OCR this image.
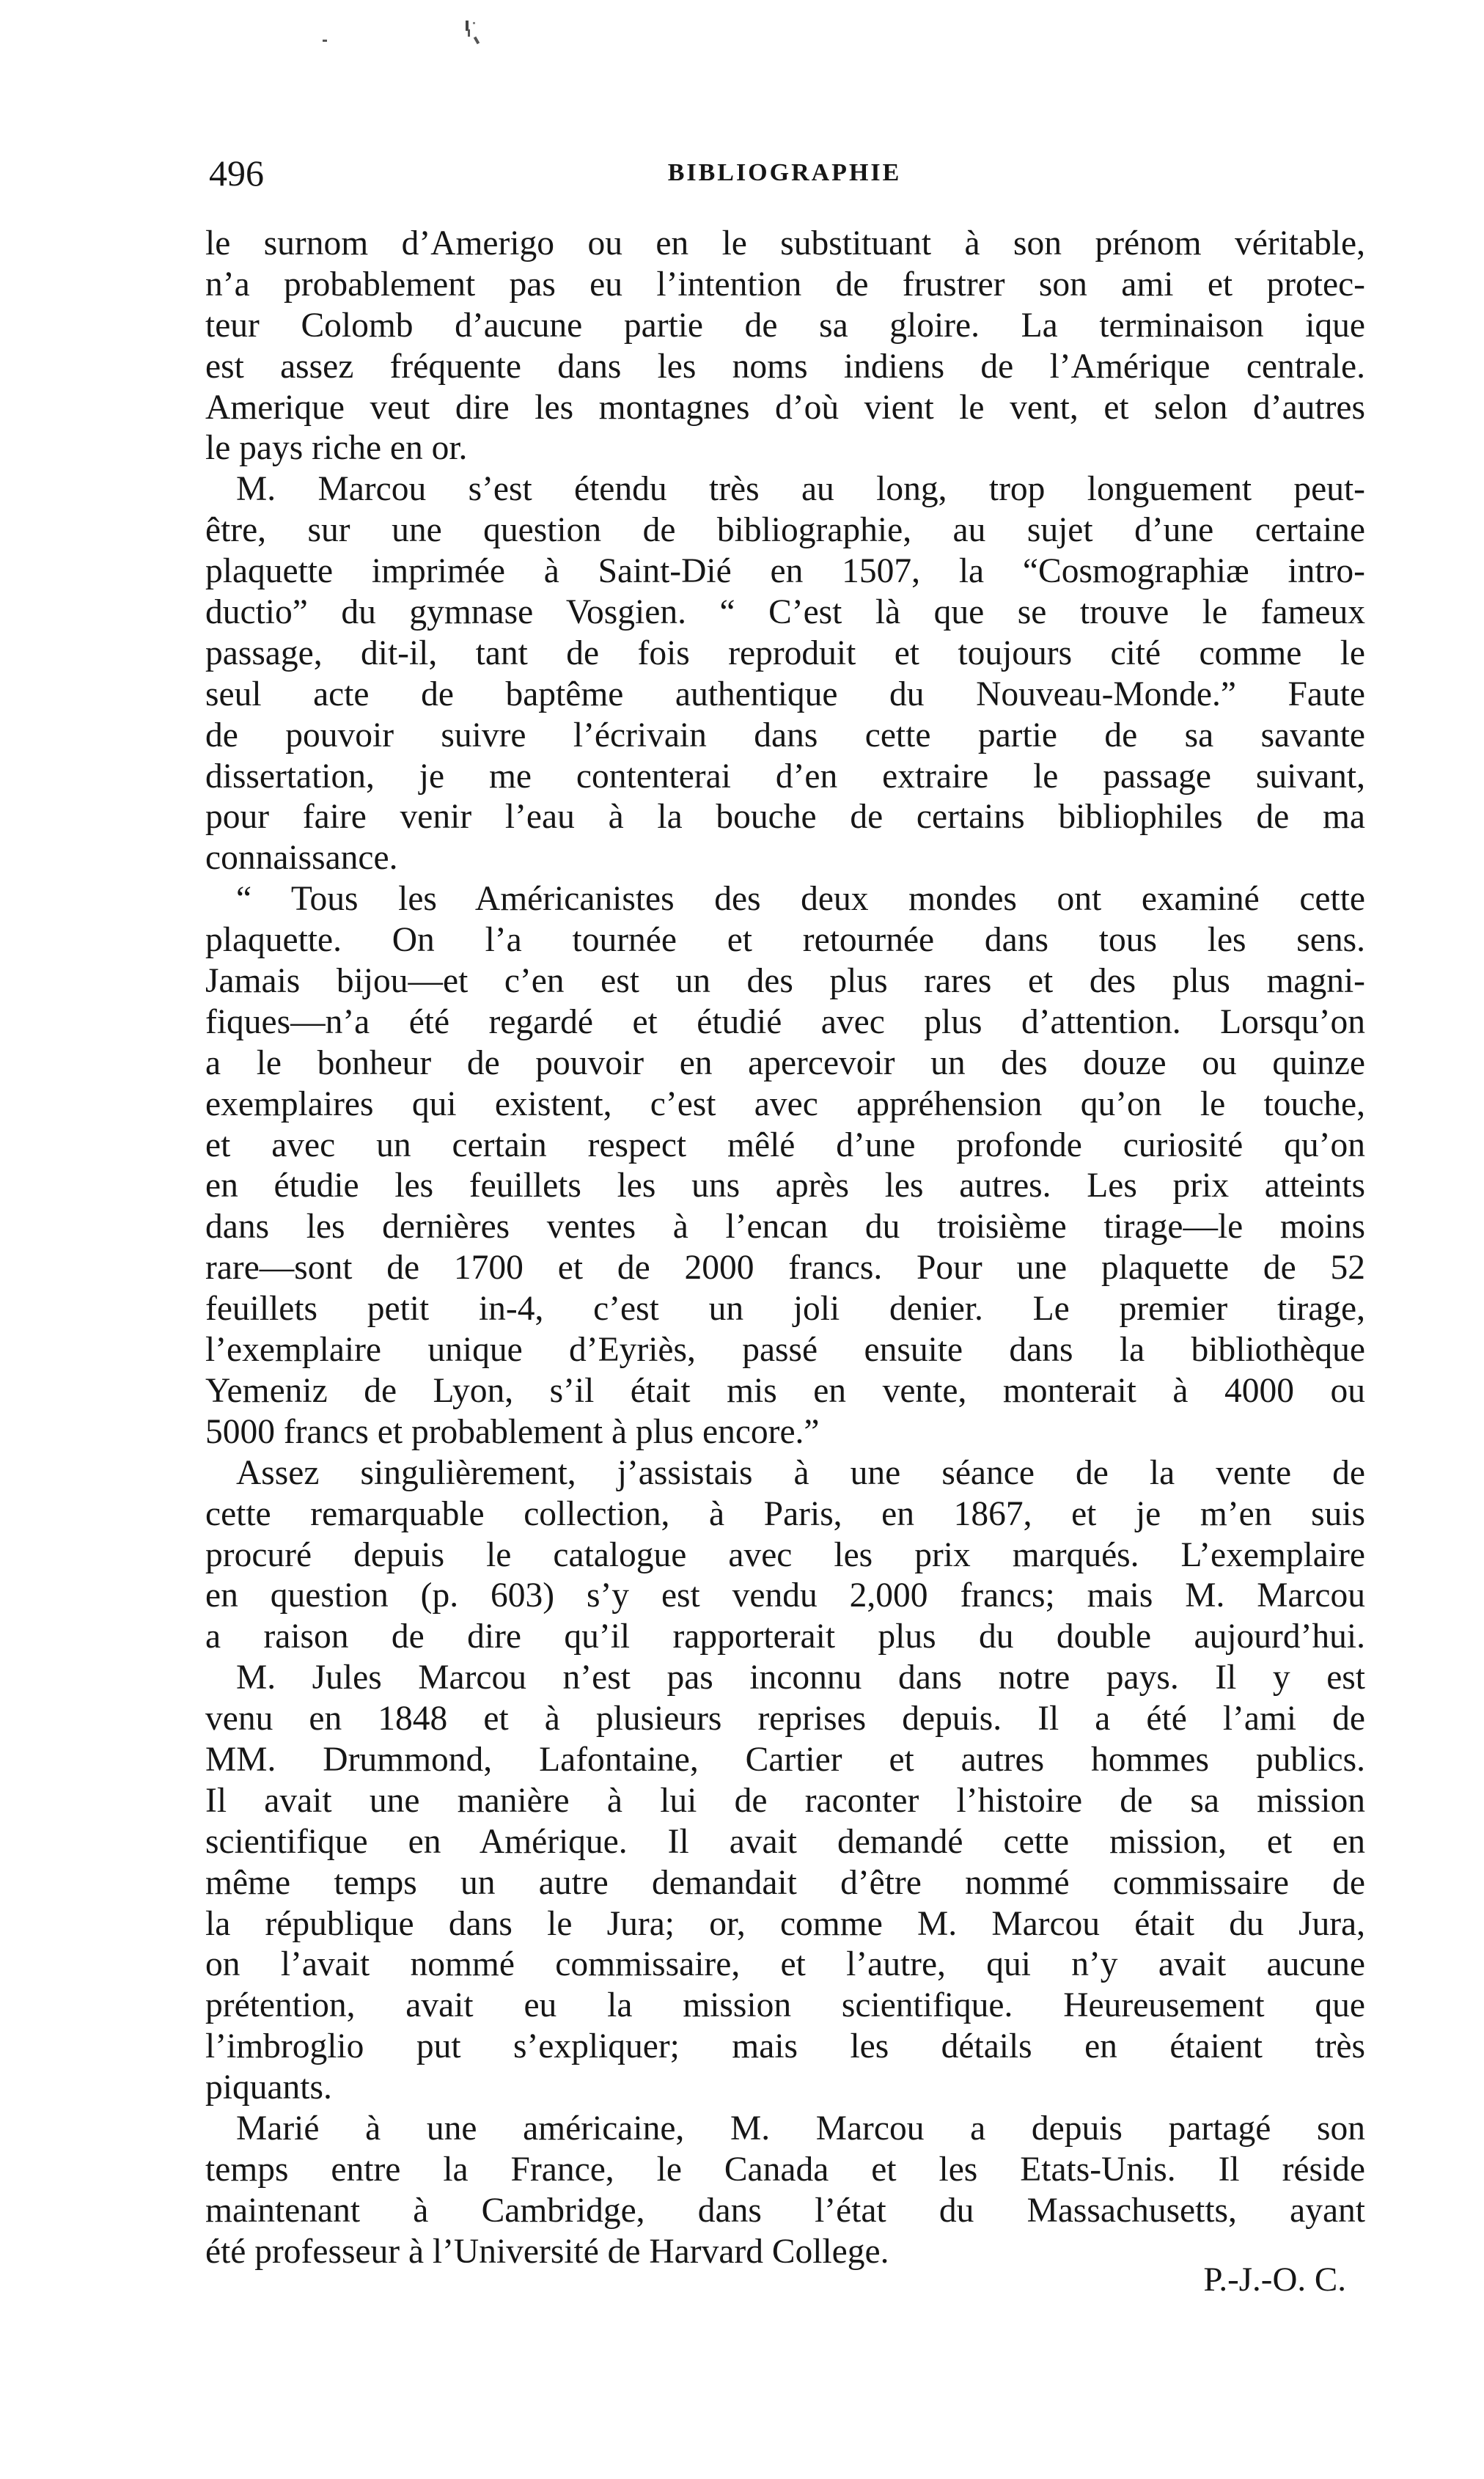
496	BIBLIOGRAPHIE
le surnom d’Amerigo ou en le substituant à son prénom véritable,
n’a probablement pas eu l’intention de frustrer son ami et protec-
teur Colomb d’aucune partie de sa gloire. La terminaison ique
est assez fréquente dans les noms indiens de l’Amérique centrale.
Amerique veut dire les montagnes d’où vient le vent, et selon d’autres
le pays riche en or.
M. Marcou s’est étendu très au long, trop longuement peut-
être, sur une question de bibliographie, au sujet d’une certaine
plaquette imprimée à Saint-Dié en 1507, la “Cosmographiæ intro-
ductio” du gymnase Vosgien. “ C’est là que se trouve le fameux
passage, dit-il, tant de fois reproduit et toujours cité comme le
seul acte de baptême authentique du Nouveau-Monde.” Faute
de pouvoir suivre l’écrivain dans cette partie de sa savante
dissertation, je me contenterai d’en extraire le passage suivant,
pour faire venir l’eau à la bouche de certains bibliophiles de ma
connaissance.
“ Tous les Américanistes des deux mondes ont examiné cette
plaquette. On l’a tournée et retournée dans tous les sens.
Jamais bijou—et c’en est un des plus rares et des plus magni-
fiques—n’a été regardé et étudié avec plus d’attention. Lorsqu’on
a le bonheur de pouvoir en apercevoir un des douze ou quinze
exemplaires qui existent, c’est avec appréhension qu’on le touche,
et avec un certain respect mêlé d’une profonde curiosité qu’on
en étudie les feuillets les uns après les autres. Les prix atteints
dans les dernières ventes à l’encan du troisième tirage—le moins
rare—sont de 1700 et de 2000 francs. Pour une plaquette de 52
feuillets petit in-4, c’est un joli denier. Le premier tirage,
l’exemplaire unique d’Eyriès, passé ensuite dans la bibliothèque
Yemeniz de Lyon, s’il était mis en vente, monterait à 4000 ou
5000 francs et probablement à plus encore.”
Assez singulièrement, j’assistais à une séance de la vente de
cette remarquable collection, à Paris, en 1867, et je m’en suis
procuré depuis le catalogue avec les prix marqués. L’exemplaire
en question (p. 603) s’y est vendu 2,000 francs; mais M. Marcou
a raison de dire qu’il rapporterait plus du double aujourd’hui.
M. Jules Marcou n’est pas inconnu dans notre pays. Il y est
venu en 1848 et à plusieurs reprises depuis. Il a été l’ami de
MM. Drummond, Lafontaine, Cartier et autres hommes publics.
Il avait une manière à lui de raconter l’histoire de sa mission
scientifique en Amérique. Il avait demandé cette mission, et en
même temps un autre demandait d’être nommé commissaire de
la république dans le Jura; or, comme M. Marcou était du Jura,
on l’avait nommé commissaire, et l’autre, qui n’y avait aucune
prétention, avait eu la mission scientifique. Heureusement que
l’imbroglio put s’expliquer; mais les détails en étaient très
piquants.
Marié à une américaine, M. Marcou a depuis partagé son
temps entre la France, le Canada et les Etats-Unis. Il réside
maintenant à Cambridge, dans l’état du Massachusetts, ayant
été professeur à l’Université de Harvard College.
P.-J.-O. C.
